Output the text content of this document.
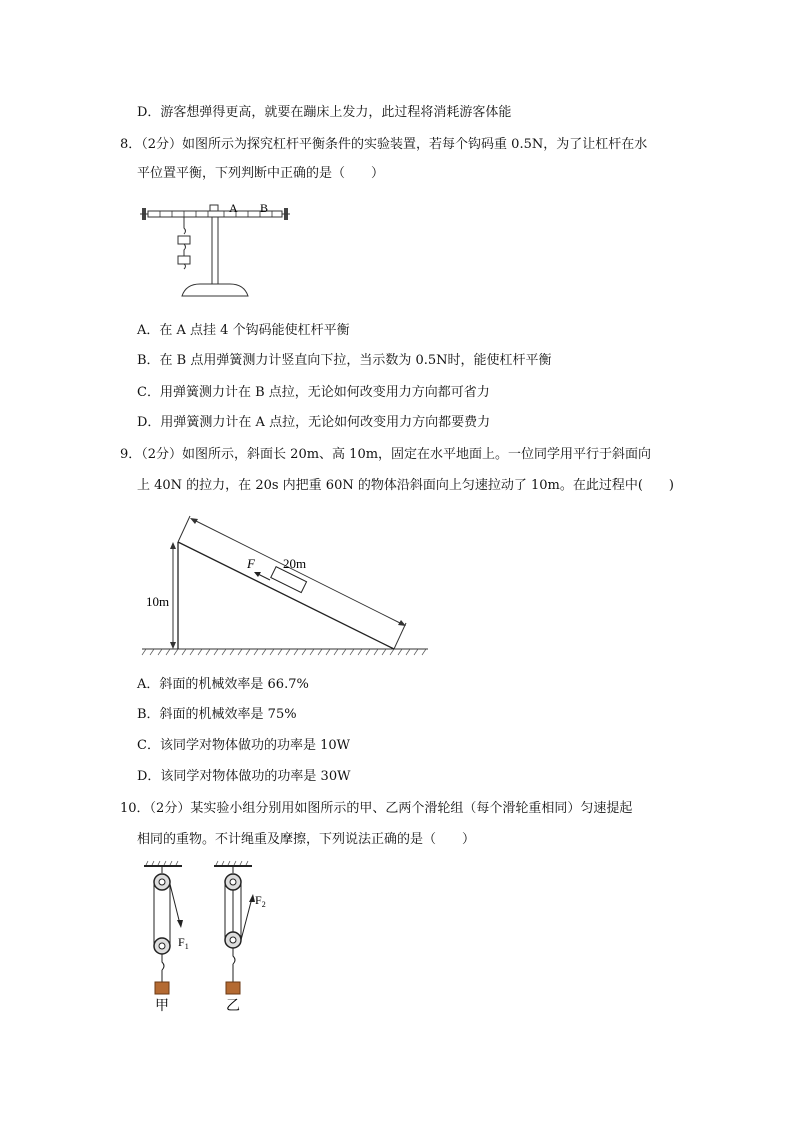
D．游客想弹得更高，就要在蹦床上发力，此过程将消耗游客体能
8．（2分）如图所示为探究杠杆平衡条件的实验装置，若每个钩码重 0.5N，为了让杠杆在水
平位置平衡，下列判断中正确的是（　　）
A B
A．在 A 点挂 4 个钩码能使杠杆平衡
B．在 B 点用弹簧测力计竖直向下拉，当示数为 0.5N时，能使杠杆平衡
C．用弹簧测力计在 B 点拉，无论如何改变用力方向都可省力
D．用弹簧测力计在 A 点拉，无论如何改变用力方向都要费力
9．（2分）如图所示，斜面长 20m、高 10m，固定在水平地面上。一位同学用平行于斜面向
上 40N 的拉力，在 20s 内把重 60N 的物体沿斜面向上匀速拉动了 10m。在此过程中(　　)
F 20m
10m
A．斜面的机械效率是 66.7%
B．斜面的机械效率是 75%
C．该同学对物体做功的功率是 10W
D．该同学对物体做功的功率是 30W
10．（2分）某实验小组分别用如图所示的甲、乙两个滑轮组（每个滑轮重相同）匀速提起
相同的重物。不计绳重及摩擦，下列说法正确的是（　　）
$F_1$
甲
$F_2$
乙
